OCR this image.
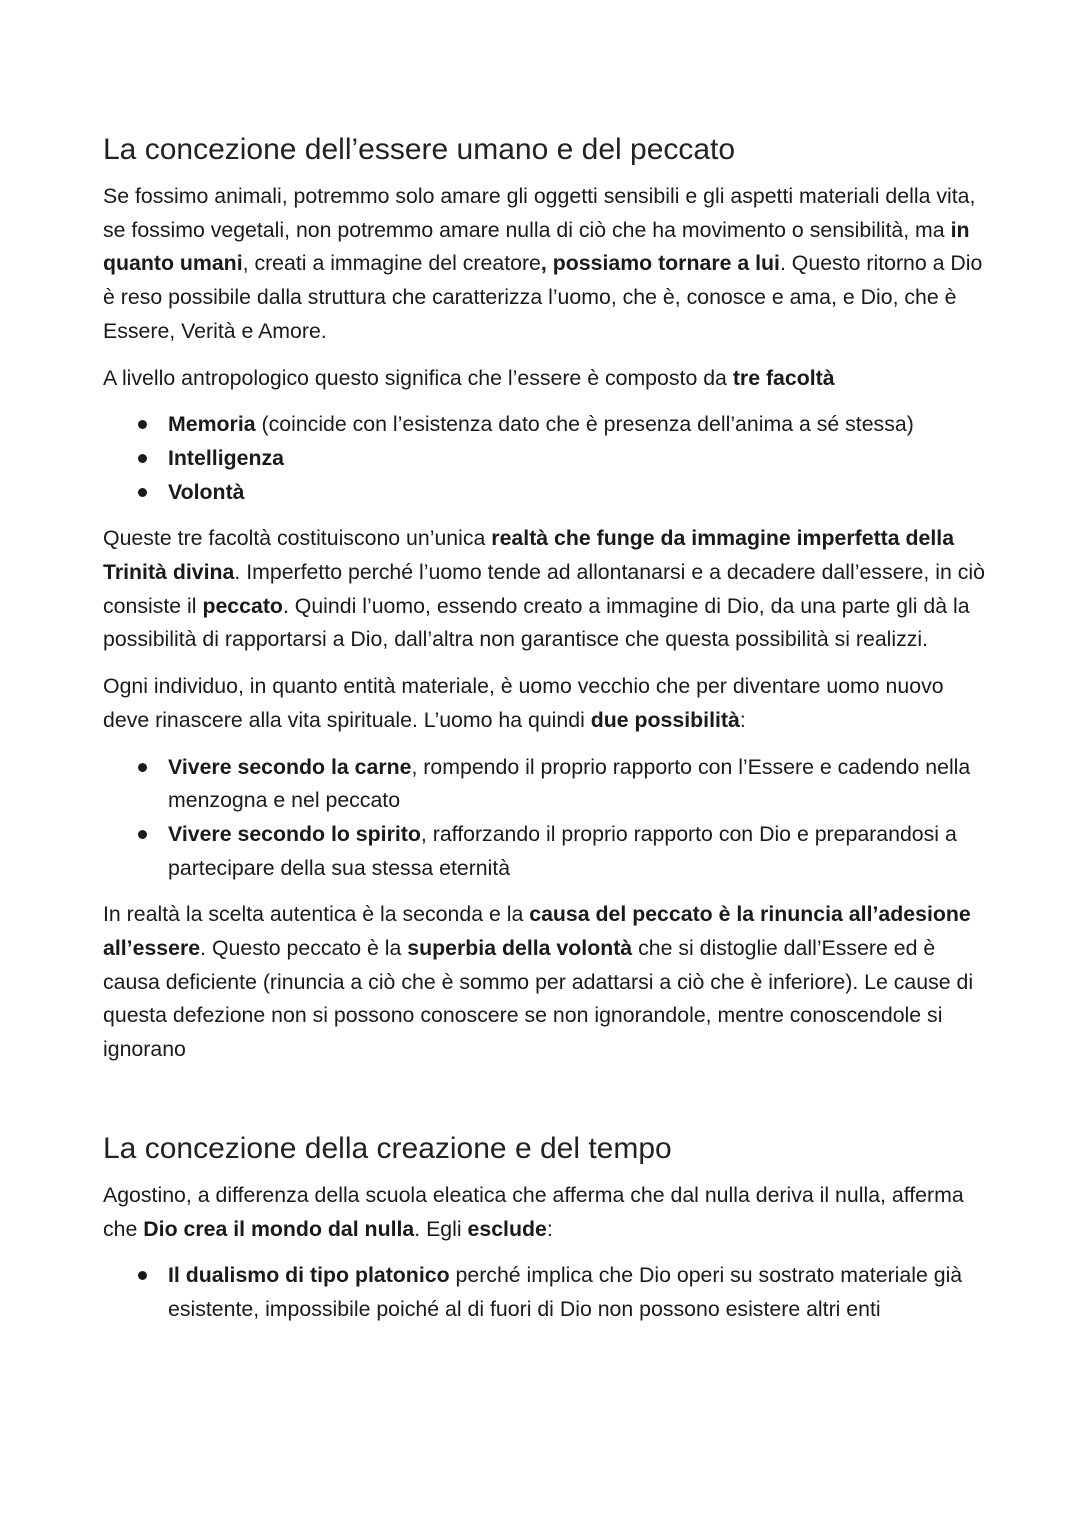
La concezione dell’essere umano e del peccato

Se fossimo animali, potremmo solo amare gli oggetti sensibili e gli aspetti materiali della vita, se fossimo vegetali, non potremmo amare nulla di ciò che ha movimento o sensibilità, ma in quanto umani, creati a immagine del creatore, possiamo tornare a lui. Questo ritorno a Dio è reso possibile dalla struttura che caratterizza l’uomo, che è, conosce e ama, e Dio, che è Essere, Verità e Amore.

A livello antropologico questo significa che l’essere è composto da tre facoltà

Memoria (coincide con l’esistenza dato che è presenza dell’anima a sé stessa)
Intelligenza
Volontà

Queste tre facoltà costituiscono un’unica realtà che funge da immagine imperfetta della Trinità divina. Imperfetto perché l’uomo tende ad allontanarsi e a decadere dall’essere, in ciò consiste il peccato. Quindi l’uomo, essendo creato a immagine di Dio, da una parte gli dà la possibilità di rapportarsi a Dio, dall’altra non garantisce che questa possibilità si realizzi.

Ogni individuo, in quanto entità materiale, è uomo vecchio che per diventare uomo nuovo deve rinascere alla vita spirituale. L’uomo ha quindi due possibilità:

Vivere secondo la carne, rompendo il proprio rapporto con l’Essere e cadendo nella menzogna e nel peccato
Vivere secondo lo spirito, rafforzando il proprio rapporto con Dio e preparandosi a partecipare della sua stessa eternità

In realtà la scelta autentica è la seconda e la causa del peccato è la rinuncia all’adesione all’essere. Questo peccato è la superbia della volontà che si distoglie dall’Essere ed è causa deficiente (rinuncia a ciò che è sommo per adattarsi a ciò che è inferiore). Le cause di questa defezione non si possono conoscere se non ignorandole, mentre conoscendole si ignorano

La concezione della creazione e del tempo

Agostino, a differenza della scuola eleatica che afferma che dal nulla deriva il nulla, afferma che Dio crea il mondo dal nulla. Egli esclude:

Il dualismo di tipo platonico perché implica che Dio operi su sostrato materiale già esistente, impossibile poiché al di fuori di Dio non possono esistere altri enti
